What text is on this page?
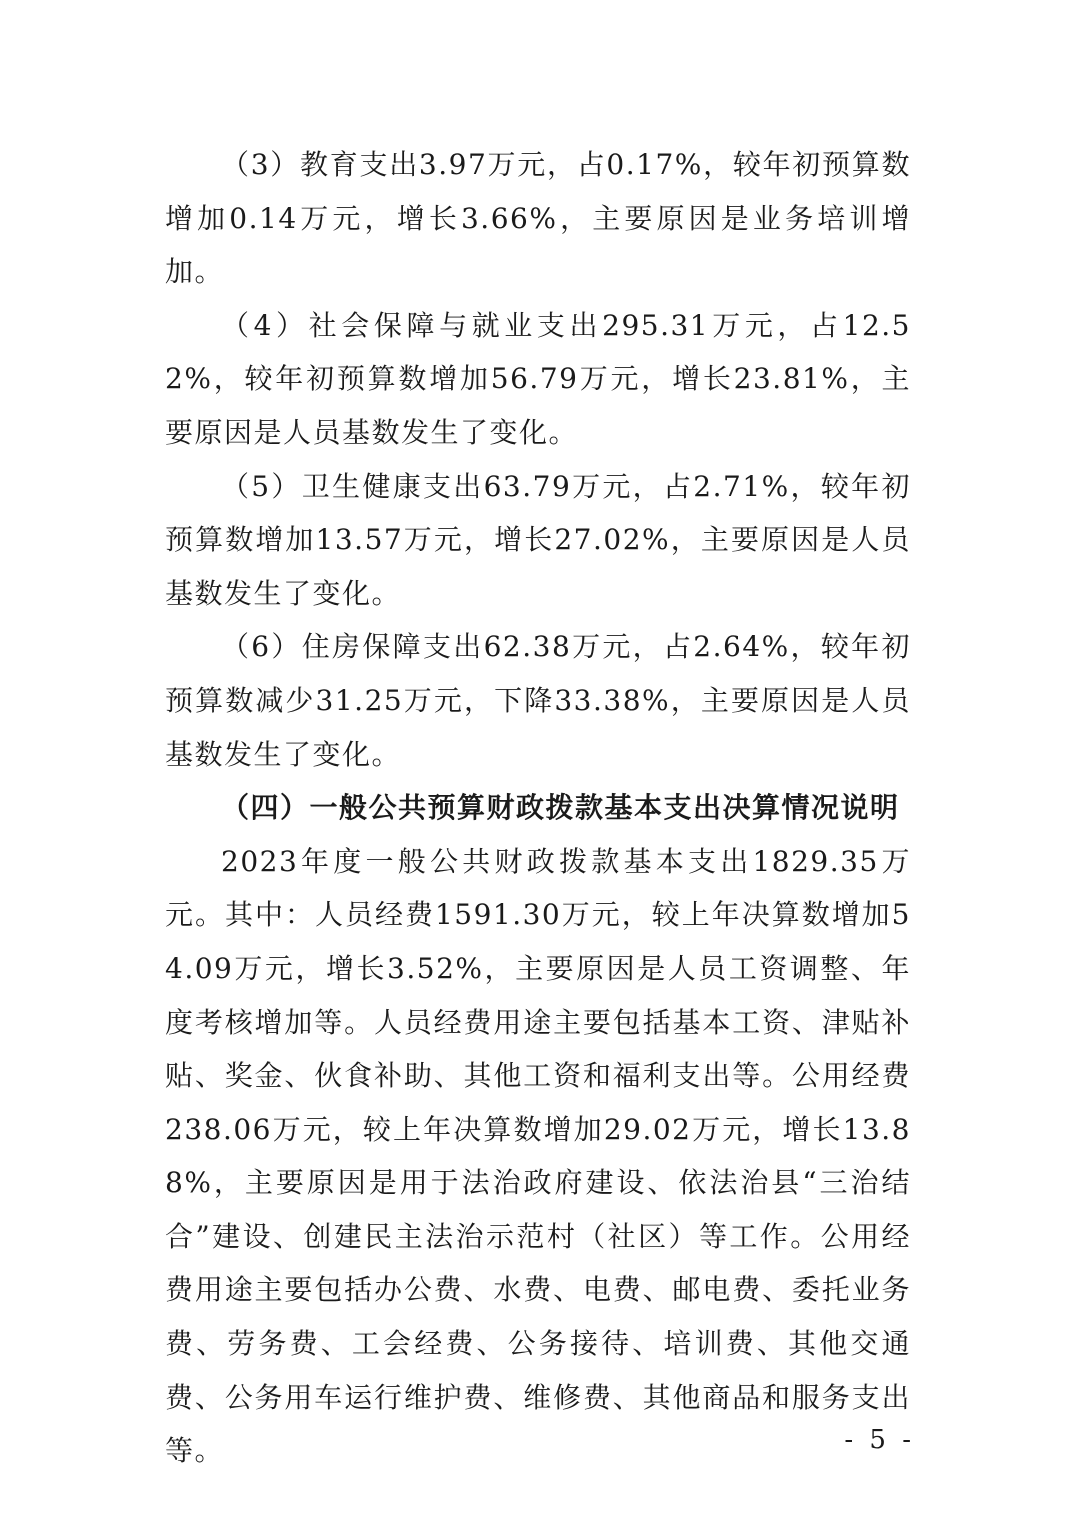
（3）教育支出3.97万元，占0.17%，较年初预算数增加0.14万元，增长3.66%，主要原因是业务培训增加。

（4）社会保障与就业支出295.31万元，占12.52%，较年初预算数增加56.79万元，增长23.81%，主要原因是人员基数发生了变化。

（5）卫生健康支出63.79万元，占2.71%，较年初预算数增加13.57万元，增长27.02%，主要原因是人员基数发生了变化。

（6）住房保障支出62.38万元，占2.64%，较年初预算数减少31.25万元，下降33.38%，主要原因是人员基数发生了变化。

（四）一般公共预算财政拨款基本支出决算情况说明

2023年度一般公共财政拨款基本支出1829.35万元。其中：人员经费1591.30万元，较上年决算数增加54.09万元，增长3.52%，主要原因是人员工资调整、年度考核增加等。人员经费用途主要包括基本工资、津贴补贴、奖金、伙食补助、其他工资和福利支出等。公用经费238.06万元，较上年决算数增加29.02万元，增长13.88%，主要原因是用于法治政府建设、依法治县“三治结合”建设、创建民主法治示范村（社区）等工作。公用经费用途主要包括办公费、水费、电费、邮电费、委托业务费、劳务费、工会经费、公务接待、培训费、其他交通费、公务用车运行维护费、维修费、其他商品和服务支出等。	- 5 -
